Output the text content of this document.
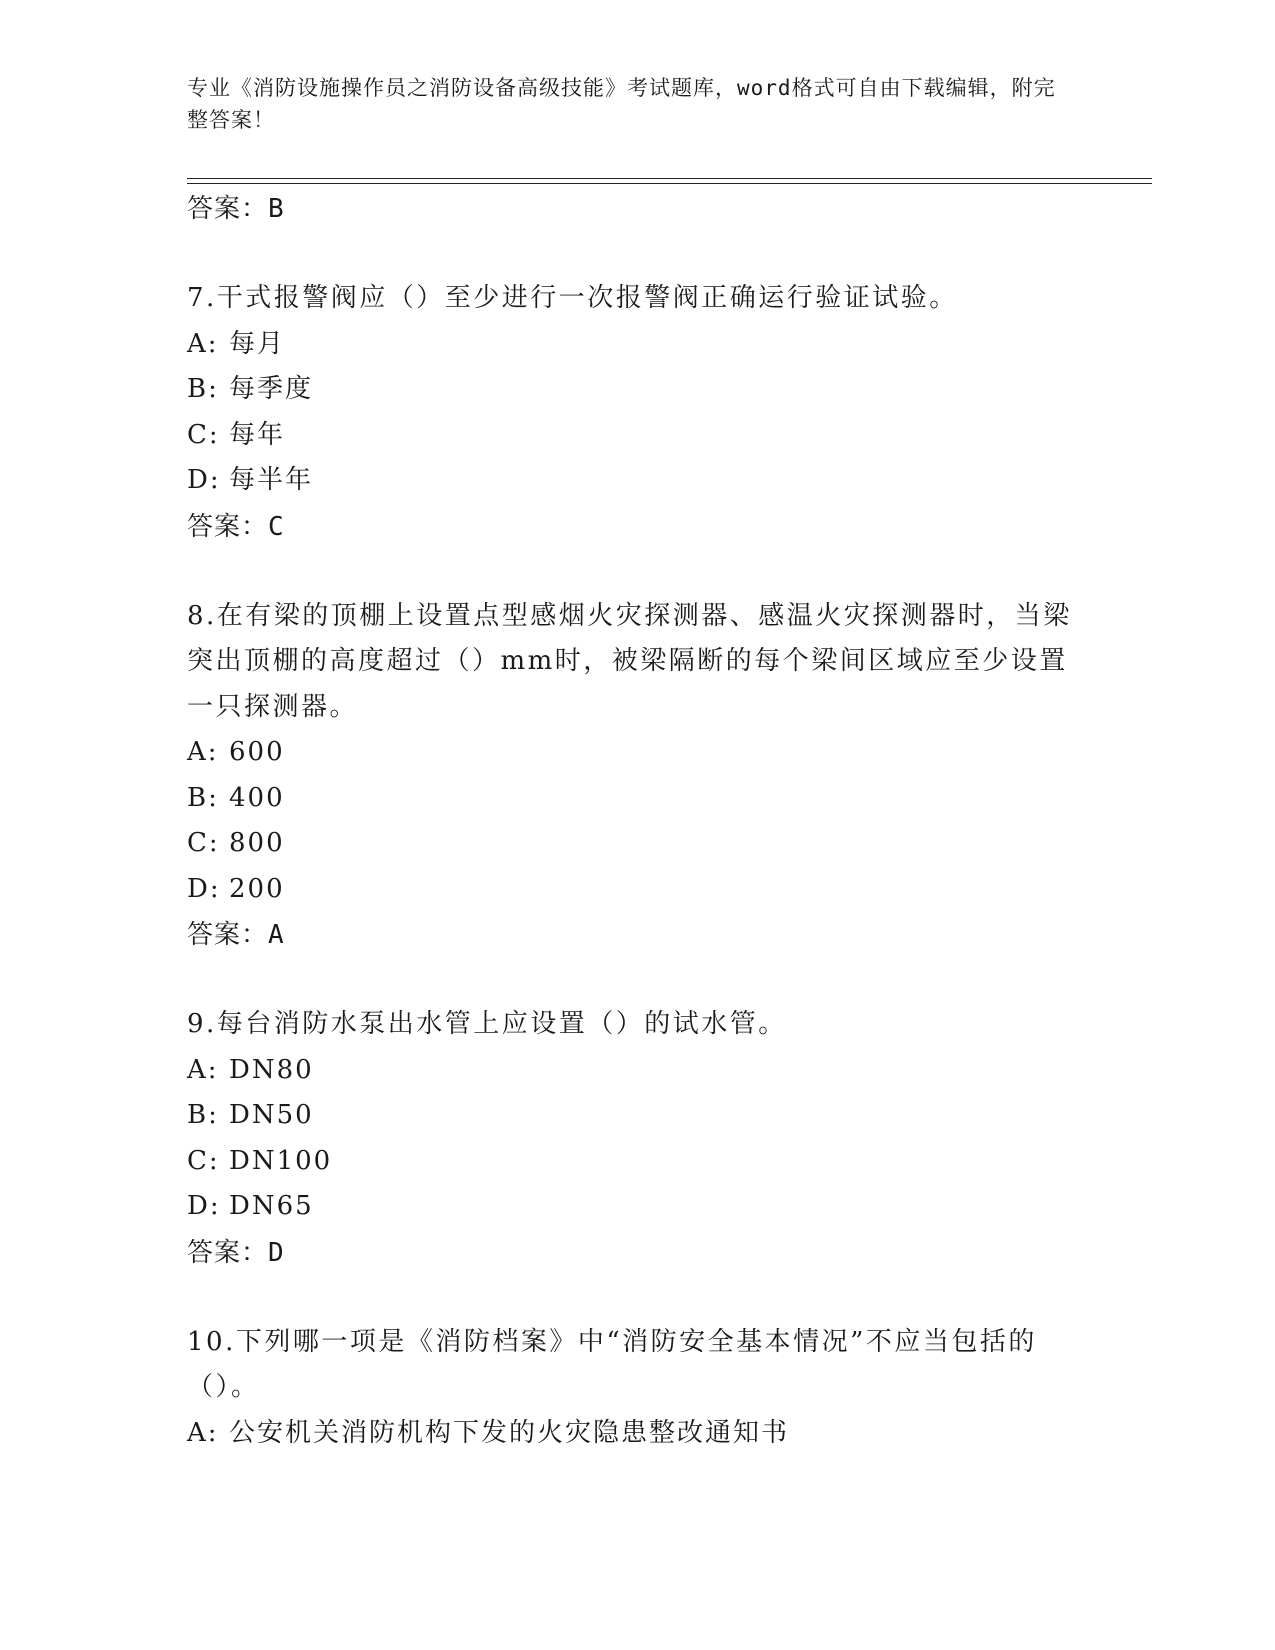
专业《消防设施操作员之消防设备高级技能》考试题库，word格式可自由下载编辑，附完整答案！
答案：B
7.干式报警阀应（）至少进行一次报警阀正确运行验证试验。
A: 每月
B: 每季度
C: 每年
D: 每半年
答案：C
8.在有梁的顶棚上设置点型感烟火灾探测器、感温火灾探测器时，当梁突出顶棚的高度超过（）mm时，被梁隔断的每个梁间区域应至少设置一只探测器。
A: 600
B: 400
C: 800
D: 200
答案：A
9.每台消防水泵出水管上应设置（）的试水管。
A: DN80
B: DN50
C: DN100
D: DN65
答案：D
10.下列哪一项是《消防档案》中“消防安全基本情况”不应当包括的（）。
A: 公安机关消防机构下发的火灾隐患整改通知书
